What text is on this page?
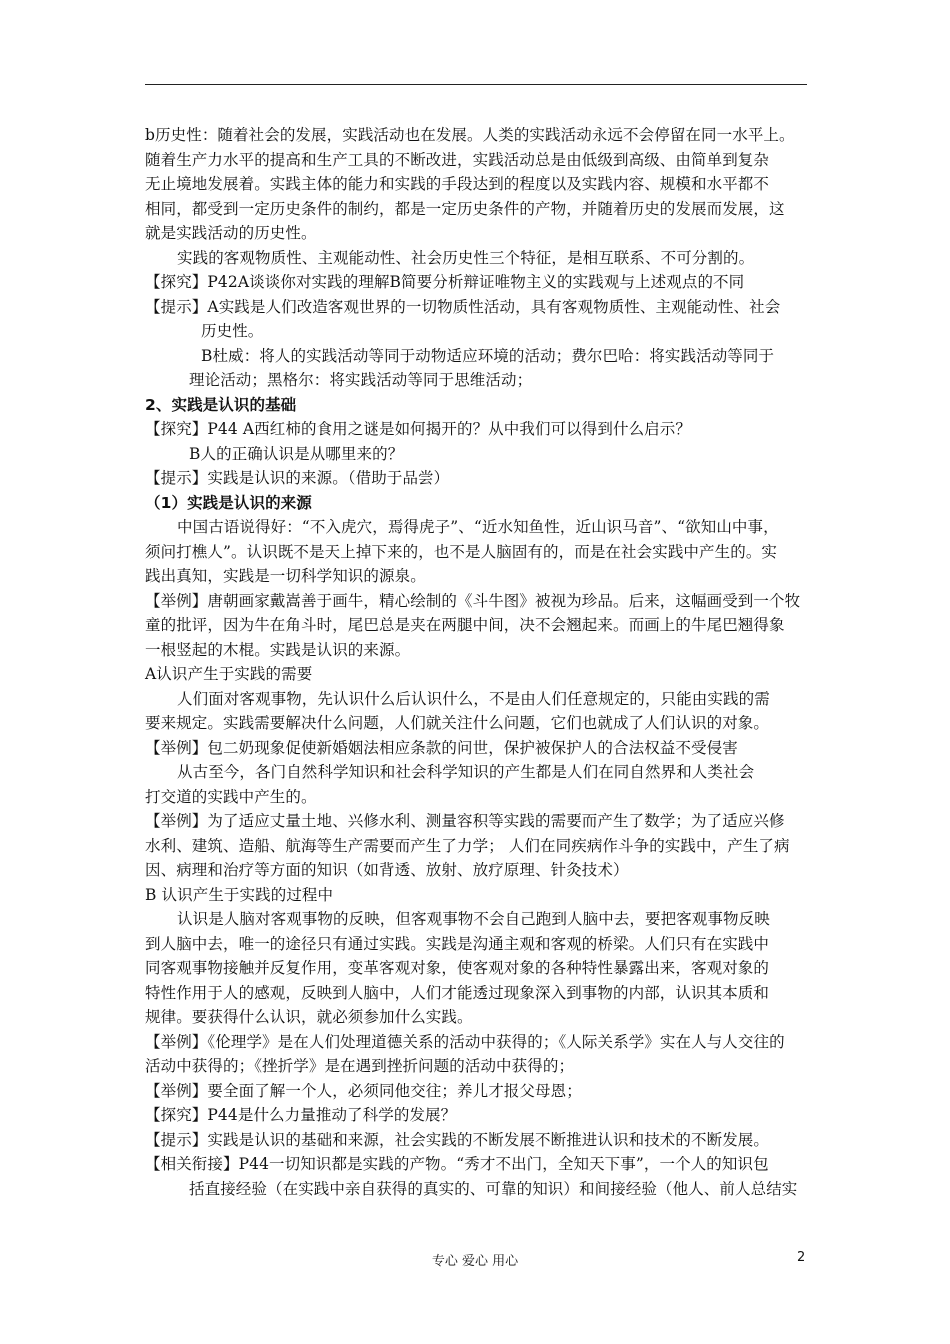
b历史性：随着社会的发展，实践活动也在发展。人类的实践活动永远不会停留在同一水平上。
随着生产力水平的提高和生产工具的不断改进，实践活动总是由低级到高级、由简单到复杂
无止境地发展着。实践主体的能力和实践的手段达到的程度以及实践内容、规模和水平都不
相同，都受到一定历史条件的制约，都是一定历史条件的产物，并随着历史的发展而发展，这
就是实践活动的历史性。
实践的客观物质性、主观能动性、社会历史性三个特征，是相互联系、不可分割的。
【探究】P42A谈谈你对实践的理解B简要分析辩证唯物主义的实践观与上述观点的不同
【提示】A实践是人们改造客观世界的一切物质性活动，具有客观物质性、主观能动性、社会
历史性。
B杜威：将人的实践活动等同于动物适应环境的活动；费尔巴哈：将实践活动等同于
理论活动；黑格尔：将实践活动等同于思维活动；
2、实践是认识的基础
【探究】P44 A西红柿的食用之谜是如何揭开的？从中我们可以得到什么启示？
B人的正确认识是从哪里来的？
【提示】实践是认识的来源。（借助于品尝）
（1）实践是认识的来源
中国古语说得好：“不入虎穴，焉得虎子”、“近水知鱼性，近山识马音”、“欲知山中事，
须问打樵人”。认识既不是天上掉下来的，也不是人脑固有的，而是在社会实践中产生的。实
践出真知，实践是一切科学知识的源泉。
【举例】唐朝画家戴嵩善于画牛，精心绘制的《斗牛图》被视为珍品。后来，这幅画受到一个牧
童的批评，因为牛在角斗时，尾巴总是夹在两腿中间，决不会翘起来。而画上的牛尾巴翘得象
一根竖起的木棍。实践是认识的来源。
A认识产生于实践的需要
人们面对客观事物，先认识什么后认识什么，不是由人们任意规定的，只能由实践的需
要来规定。实践需要解决什么问题，人们就关注什么问题，它们也就成了人们认识的对象。
【举例】包二奶现象促使新婚姻法相应条款的问世，保护被保护人的合法权益不受侵害
从古至今，各门自然科学知识和社会科学知识的产生都是人们在同自然界和人类社会
打交道的实践中产生的。
【举例】为了适应丈量土地、兴修水利、测量容积等实践的需要而产生了数学；为了适应兴修
水利、建筑、造船、航海等生产需要而产生了力学； 人们在同疾病作斗争的实践中，产生了病
因、病理和治疗等方面的知识（如背透、放射、放疗原理、针灸技术）
B 认识产生于实践的过程中
认识是人脑对客观事物的反映，但客观事物不会自己跑到人脑中去，要把客观事物反映
到人脑中去，唯一的途径只有通过实践。实践是沟通主观和客观的桥梁。人们只有在实践中
同客观事物接触并反复作用，变革客观对象，使客观对象的各种特性暴露出来，客观对象的
特性作用于人的感观，反映到人脑中，人们才能透过现象深入到事物的内部，认识其本质和
规律。要获得什么认识，就必须参加什么实践。
【举例】《伦理学》是在人们处理道德关系的活动中获得的；《人际关系学》实在人与人交往的
活动中获得的；《挫折学》是在遇到挫折问题的活动中获得的；
【举例】要全面了解一个人，必须同他交往；养儿才报父母恩；
【探究】P44是什么力量推动了科学的发展？
【提示】实践是认识的基础和来源，社会实践的不断发展不断推进认识和技术的不断发展。
【相关衔接】P44一切知识都是实践的产物。“秀才不出门，全知天下事”，一个人的知识包
括直接经验（在实践中亲自获得的真实的、可靠的知识）和间接经验（他人、前人总结实
专心 爱心 用心	2
